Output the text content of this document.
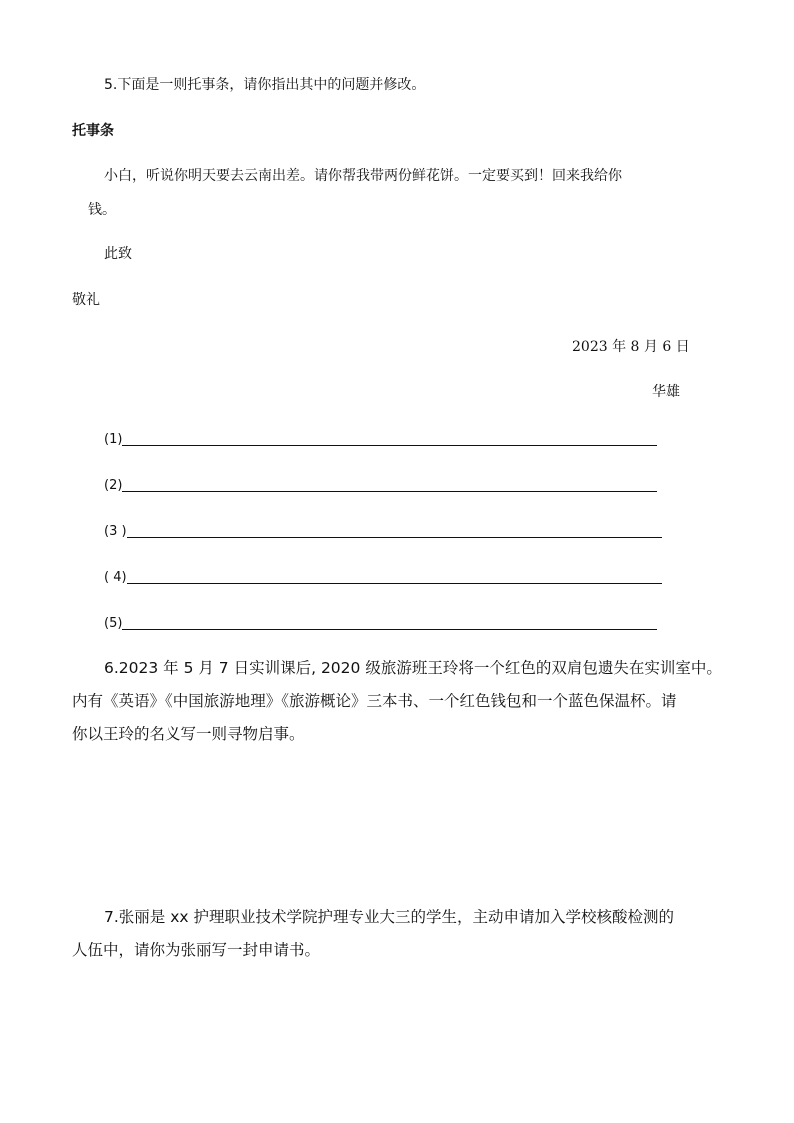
5.下面是一则托事条，请你指出其中的问题并修改。
托事条
小白，听说你明天要去云南出差。请你帮我带两份鲜花饼。一定要买到！回来我给你
钱。
此致
敬礼
2023 年 8 月 6 日
华雄
(1)
(2)
(3 )
( 4)
(5)
6.2023 年 5 月 7 日实训课后, 2020 级旅游班王玲将一个红色的双肩包遗失在实训室中。
内有《英语》《中国旅游地理》《旅游概论》三本书、一个红色钱包和一个蓝色保温杯。请
你以王玲的名义写一则寻物启事。
7.张丽是 xx 护理职业技术学院护理专业大三的学生，主动申请加入学校核酸检测的
人伍中，请你为张丽写一封申请书。
